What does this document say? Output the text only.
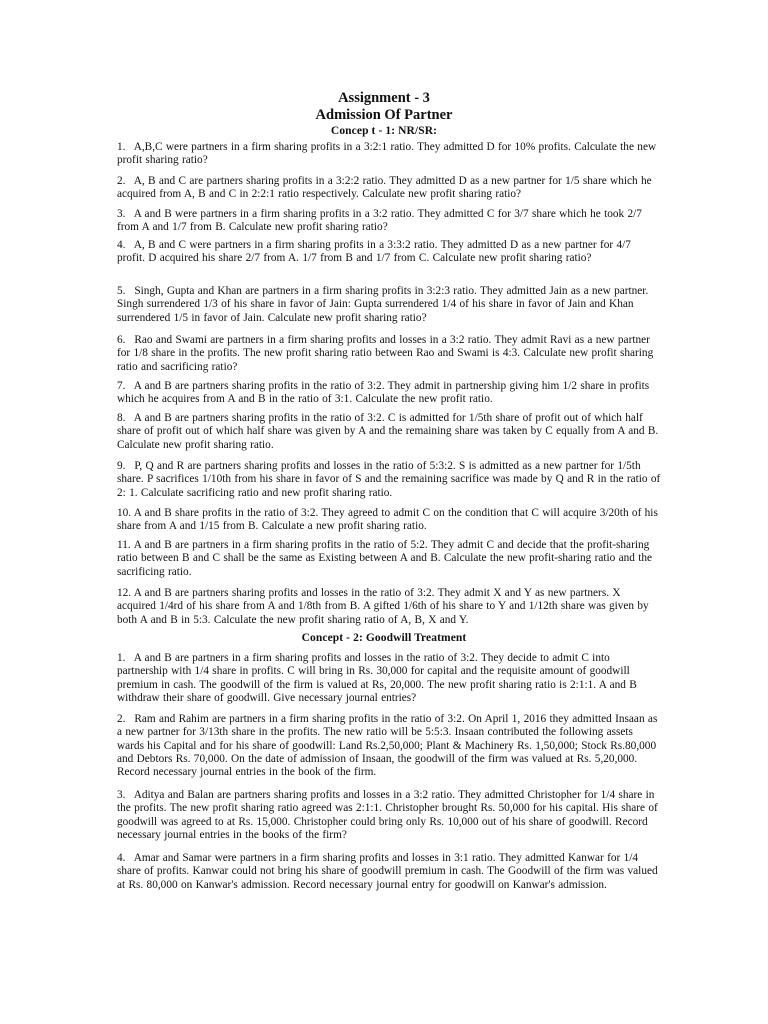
Assignment - 3
Admission Of Partner
Concep t - 1: NR/SR:

1. A,B,C were partners in a firm sharing profits in a 3:2:1 ratio. They admitted D for 10% profits. Calculate the new profit sharing ratio?

2. A, B and C are partners sharing profits in a 3:2:2 ratio. They admitted D as a new partner for 1/5 share which he acquired from A, B and C in 2:2:1 ratio respectively. Calculate new profit sharing ratio?

3. A and B were partners in a firm sharing profits in a 3:2 ratio. They admitted C for 3/7 share which he took 2/7 from A and 1/7 from B. Calculate new profit sharing ratio?

4. A, B and C were partners in a firm sharing profits in a 3:3:2 ratio. They admitted D as a new partner for 4/7 profit. D acquired his share 2/7 from A. 1/7 from B and 1/7 from C. Calculate new profit sharing ratio?

5. Singh, Gupta and Khan are partners in a firm sharing profits in 3:2:3 ratio. They admitted Jain as a new partner. Singh surrendered 1/3 of his share in favor of Jain: Gupta surrendered 1/4 of his share in favor of Jain and Khan surrendered 1/5 in favor of Jain. Calculate new profit sharing ratio?

6. Rao and Swami are partners in a firm sharing profits and losses in a 3:2 ratio. They admit Ravi as a new partner for 1/8 share in the profits. The new profit sharing ratio between Rao and Swami is 4:3. Calculate new profit sharing ratio and sacrificing ratio?

7. A and B are partners sharing profits in the ratio of 3:2. They admit in partnership giving him 1/2 share in profits which he acquires from A and B in the ratio of 3:1. Calculate the new profit ratio.

8. A and B are partners sharing profits in the ratio of 3:2. C is admitted for 1/5th share of profit out of which half share of profit out of which half share was given by A and the remaining share was taken by C equally from A and B. Calculate new profit sharing ratio.

9. P, Q and R are partners sharing profits and losses in the ratio of 5:3:2. S is admitted as a new partner for 1/5th share. P sacrifices 1/10th from his share in favor of S and the remaining sacrifice was made by Q and R in the ratio of 2: 1. Calculate sacrificing ratio and new profit sharing ratio.

10. A and B share profits in the ratio of 3:2. They agreed to admit C on the condition that C will acquire 3/20th of his share from A and 1/15 from B. Calculate a new profit sharing ratio.

11. A and B are partners in a firm sharing profits in the ratio of 5:2. They admit C and decide that the profit-sharing ratio between B and C shall be the same as Existing between A and B. Calculate the new profit-sharing ratio and the sacrificing ratio.

12. A and B are partners sharing profits and losses in the ratio of 3:2. They admit X and Y as new partners. X acquired 1/4rd of his share from A and 1/8th from B. A gifted 1/6th of his share to Y and 1/12th share was given by both A and B in 5:3. Calculate the new profit sharing ratio of A, B, X and Y.

Concept - 2: Goodwill Treatment

1. A and B are partners in a firm sharing profits and losses in the ratio of 3:2. They decide to admit C into partnership with 1/4 share in profits. C will bring in Rs. 30,000 for capital and the requisite amount of goodwill premium in cash. The goodwill of the firm is valued at Rs, 20,000. The new profit sharing ratio is 2:1:1. A and B withdraw their share of goodwill. Give necessary journal entries?

2. Ram and Rahim are partners in a firm sharing profits in the ratio of 3:2. On April 1, 2016 they admitted Insaan as a new partner for 3/13th share in the profits. The new ratio will be 5:5:3. Insaan contributed the following assets wards his Capital and for his share of goodwill: Land Rs.2,50,000; Plant & Machinery Rs. 1,50,000; Stock Rs.80,000 and Debtors Rs. 70,000. On the date of admission of Insaan, the goodwill of the firm was valued at Rs. 5,20,000. Record necessary journal entries in the book of the firm.

3. Aditya and Balan are partners sharing profits and losses in a 3:2 ratio. They admitted Christopher for 1/4 share in the profits. The new profit sharing ratio agreed was 2:1:1. Christopher brought Rs. 50,000 for his capital. His share of goodwill was agreed to at Rs. 15,000. Christopher could bring only Rs. 10,000 out of his share of goodwill. Record necessary journal entries in the books of the firm?

4. Amar and Samar were partners in a firm sharing profits and losses in 3:1 ratio. They admitted Kanwar for 1/4 share of profits. Kanwar could not bring his share of goodwill premium in cash. The Goodwill of the firm was valued at Rs. 80,000 on Kanwar's admission. Record necessary journal entry for goodwill on Kanwar's admission.
